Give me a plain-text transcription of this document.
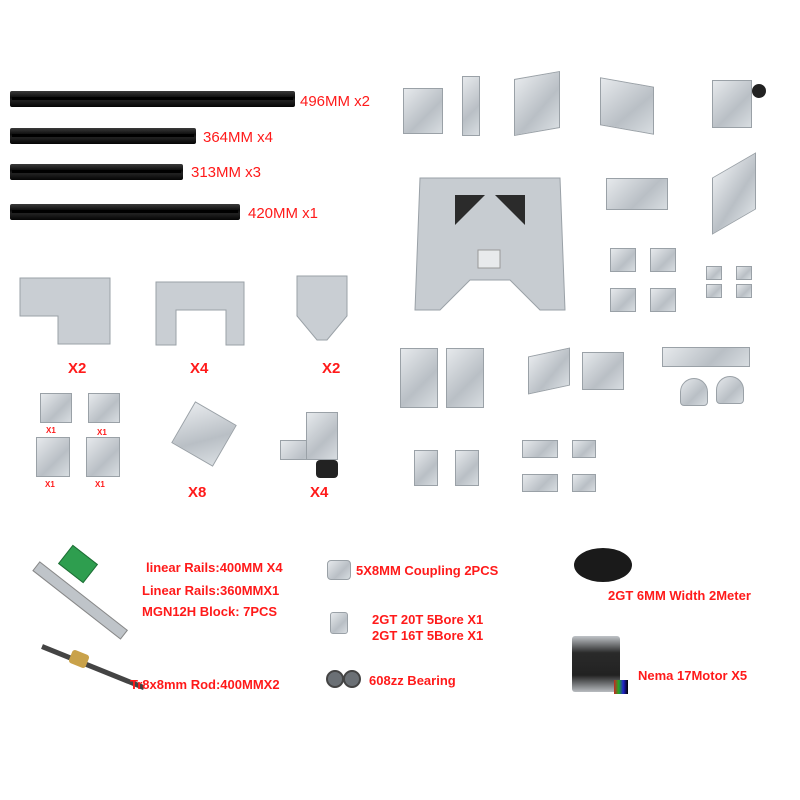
496MM x2
364MM x4
313MM x3
420MM x1
X2	X4	X2
X1	X1
X1	X1	X8	X4
linear Rails:400MM X4
Linear Rails:360MMX1
MGN12H Block: 7PCS
5X8MM Coupling 2PCS
2GT 20T 5Bore X1
2GT 16T 5Bore X1
2GT 6MM Width 2Meter
Tr8x8mm Rod:400MMX2	608zz Bearing	Nema 17Motor X5
